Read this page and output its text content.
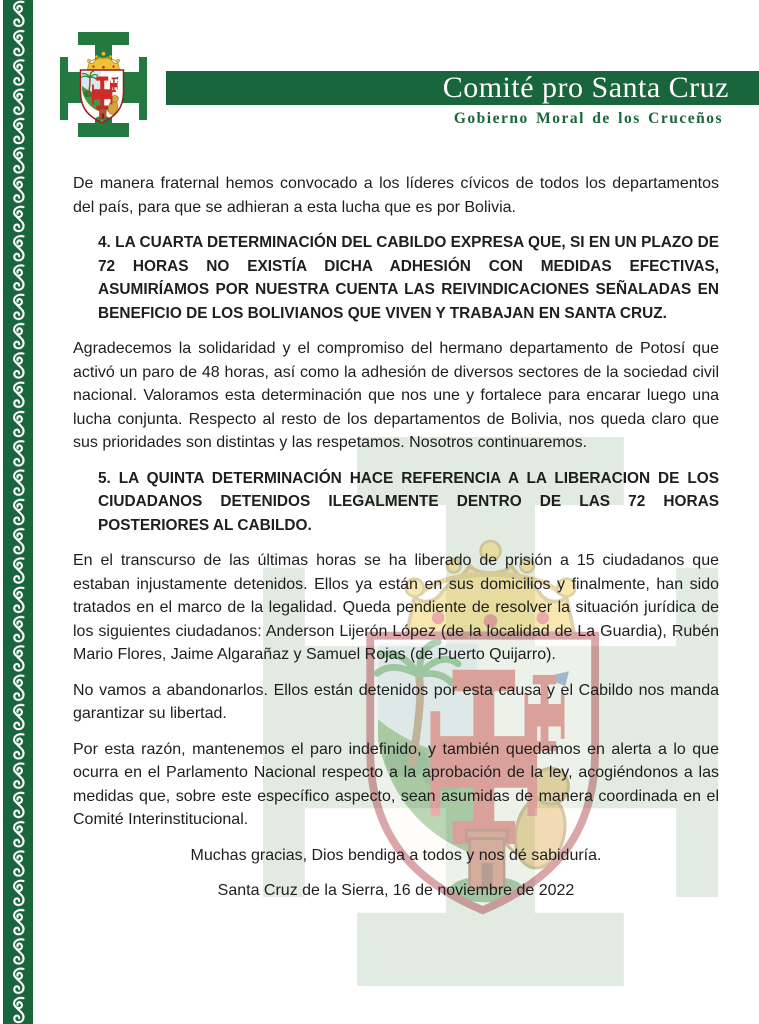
Comité pro Santa Cruz
Gobierno Moral de los Cruceños

De manera fraternal hemos convocado a los líderes cívicos de todos los departamentos del país, para que se adhieran a esta lucha que es por Bolivia.

4. LA CUARTA DETERMINACIÓN DEL CABILDO EXPRESA QUE, SI EN UN PLAZO DE 72 HORAS NO EXISTÍA DICHA ADHESIÓN CON MEDIDAS EFECTIVAS, ASUMIRÍAMOS POR NUESTRA CUENTA LAS REIVINDICACIONES SEÑALADAS EN BENEFICIO DE LOS BOLIVIANOS QUE VIVEN Y TRABAJAN EN SANTA CRUZ.

Agradecemos la solidaridad y el compromiso del hermano departamento de Potosí que activó un paro de 48 horas, así como la adhesión de diversos sectores de la sociedad civil nacional. Valoramos esta determinación que nos une y fortalece para encarar luego una lucha conjunta. Respecto al resto de los departamentos de Bolivia, nos queda claro que sus prioridades son distintas y las respetamos. Nosotros continuaremos.

5. LA QUINTA DETERMINACIÓN HACE REFERENCIA A LA LIBERACION DE LOS CIUDADANOS DETENIDOS ILEGALMENTE DENTRO DE LAS 72 HORAS POSTERIORES AL CABILDO.

En el transcurso de las últimas horas se ha liberado de prisión a 15 ciudadanos que estaban injustamente detenidos. Ellos ya están en sus domicilios y finalmente, han sido tratados en el marco de la legalidad. Queda pendiente de resolver la situación jurídica de los siguientes ciudadanos: Anderson Lijerón López (de la localidad de La Guardia), Rubén Mario Flores, Jaime Algarañaz y Samuel Rojas (de Puerto Quijarro).

No vamos a abandonarlos. Ellos están detenidos por esta causa y el Cabildo nos manda garantizar su libertad.

Por esta razón, mantenemos el paro indefinido, y también quedamos en alerta a lo que ocurra en el Parlamento Nacional respecto a la aprobación de la ley, acogiéndonos a las medidas que, sobre este específico aspecto, sean asumidas de manera coordinada en el Comité Interinstitucional.

Muchas gracias, Dios bendiga a todos y nos dé sabiduría.

Santa Cruz de la Sierra, 16 de noviembre de 2022
